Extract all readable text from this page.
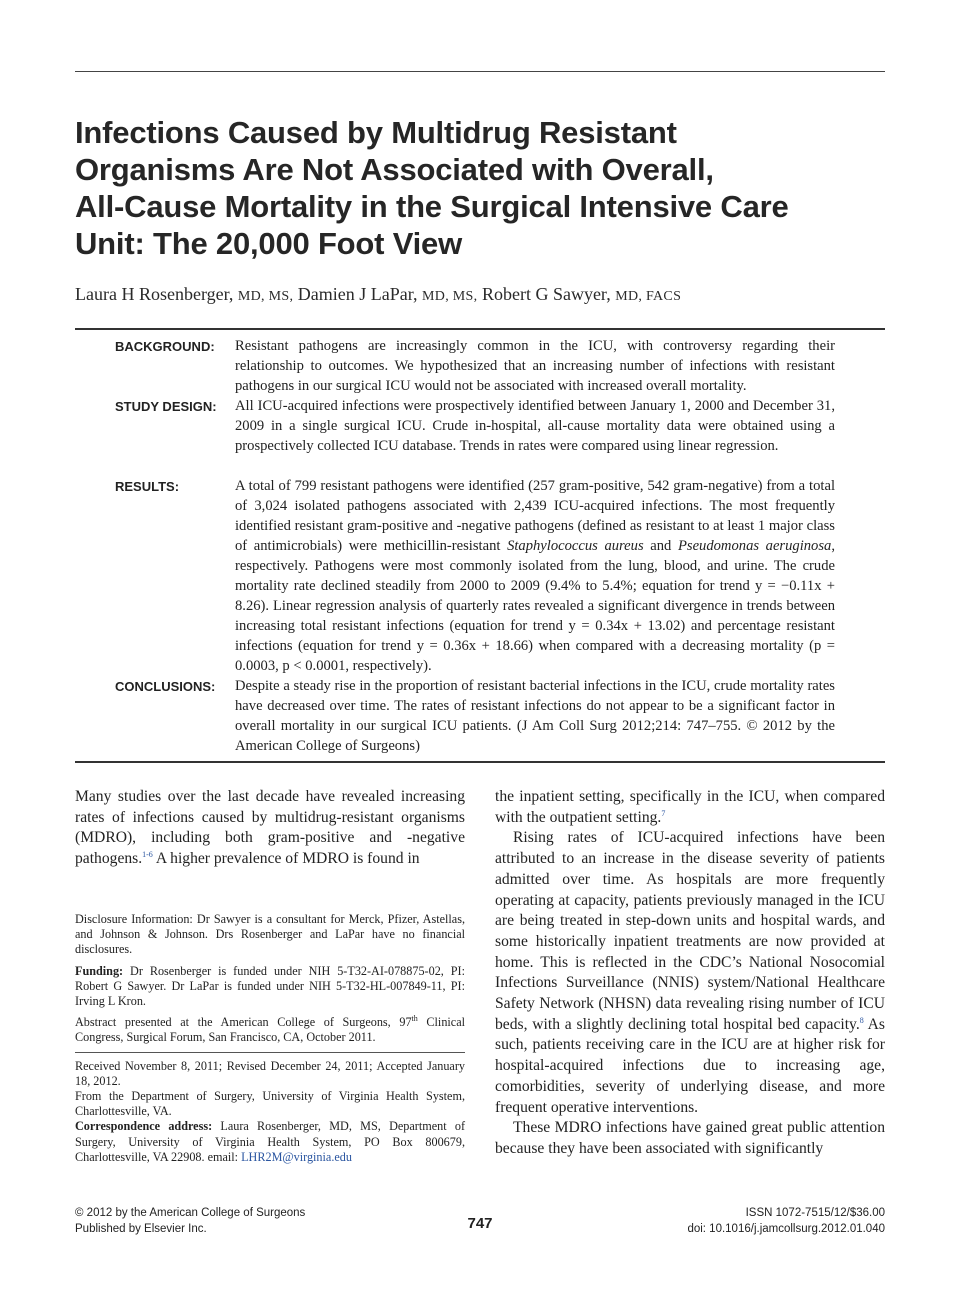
Infections Caused by Multidrug Resistant
Organisms Are Not Associated with Overall,
All-Cause Mortality in the Surgical Intensive Care
Unit: The 20,000 Foot View
Laura H Rosenberger, MD, MS, Damien J LaPar, MD, MS, Robert G Sawyer, MD, FACS
BACKGROUND: Resistant pathogens are increasingly common in the ICU, with controversy regarding their relationship to outcomes. We hypothesized that an increasing number of infections with resistant pathogens in our surgical ICU would not be associated with increased overall mortality.
STUDY DESIGN: All ICU-acquired infections were prospectively identified between January 1, 2000 and December 31, 2009 in a single surgical ICU. Crude in-hospital, all-cause mortality data were obtained using a prospectively collected ICU database. Trends in rates were compared using linear regression.
RESULTS:	A total of 799 resistant pathogens were identified (257 gram-positive, 542 gram-negative) from a total of 3,024 isolated pathogens associated with 2,439 ICU-acquired infections. The most frequently identified resistant gram-positive and -negative pathogens (defined as resistant to at least 1 major class of antimicrobials) were methicillin-resistant Staphylococcus aureus and Pseudomonas aeruginosa, respectively. Pathogens were most commonly isolated from the lung, blood, and urine. The crude mortality rate declined steadily from 2000 to 2009 (9.4% to 5.4%; equation for trend y = −0.11x + 8.26). Linear regression analysis of quarterly rates revealed a significant divergence in trends between increasing total resistant infections (equation for trend y = 0.34x + 13.02) and percentage resistant infections (equation for trend y = 0.36x + 18.66) when compared with a decreasing mortality (p = 0.0003, p < 0.0001, respectively).
CONCLUSIONS: Despite a steady rise in the proportion of resistant bacterial infections in the ICU, crude mortality rates have decreased over time. The rates of resistant infections do not appear to be a significant factor in overall mortality in our surgical ICU patients. (J Am Coll Surg 2012;214: 747–755. © 2012 by the American College of Surgeons)

Many studies over the last decade have revealed increasing rates of infections caused by multidrug-resistant organisms (MDRO), including both gram-positive and -negative pathogens.$^{1-6}$ A higher prevalence of MDRO is found in

Disclosure Information: Dr Sawyer is a consultant for Merck, Pfizer, Astellas, and Johnson & Johnson. Drs Rosenberger and LaPar have no financial disclosures.

Funding: Dr Rosenberger is funded under NIH 5-T32-AI-078875-02, PI: Robert G Sawyer. Dr LaPar is funded under NIH 5-T32-HL-007849-11, PI: Irving L Kron.

Abstract presented at the American College of Surgeons, 97th Clinical Congress, Surgical Forum, San Francisco, CA, October 2011.

Received November 8, 2011; Revised December 24, 2011; Accepted January 18, 2012.

From the Department of Surgery, University of Virginia Health System, Charlottesville, VA.

Correspondence address: Laura Rosenberger, MD, MS, Department of Surgery, University of Virginia Health System, PO Box 800679, Charlottesville, VA 22908. email: LHR2M@virginia.edu

the inpatient setting, specifically in the ICU, when compared with the outpatient setting.$^7$

Rising rates of ICU-acquired infections have been attributed to an increase in the disease severity of patients admitted over time. As hospitals are more frequently operating at capacity, patients previously managed in the ICU are being treated in step-down units and hospital wards, and some historically inpatient treatments are now provided at home. This is reflected in the CDC’s National Nosocomial Infections Surveillance (NNIS) system/National Healthcare Safety Network (NHSN) data revealing rising number of ICU beds, with a slightly declining total hospital bed capacity.$^8$ As such, patients receiving care in the ICU are at higher risk for hospital-acquired infections due to increasing age, comorbidities, severity of underlying disease, and more frequent operative interventions.

These MDRO infections have gained great public attention because they have been associated with significantly

© 2012 by the American College of Surgeons
Published by Elsevier Inc.	747
ISSN 1072-7515/12/$36.00
doi: 10.1016/j.jamcollsurg.2012.01.040
